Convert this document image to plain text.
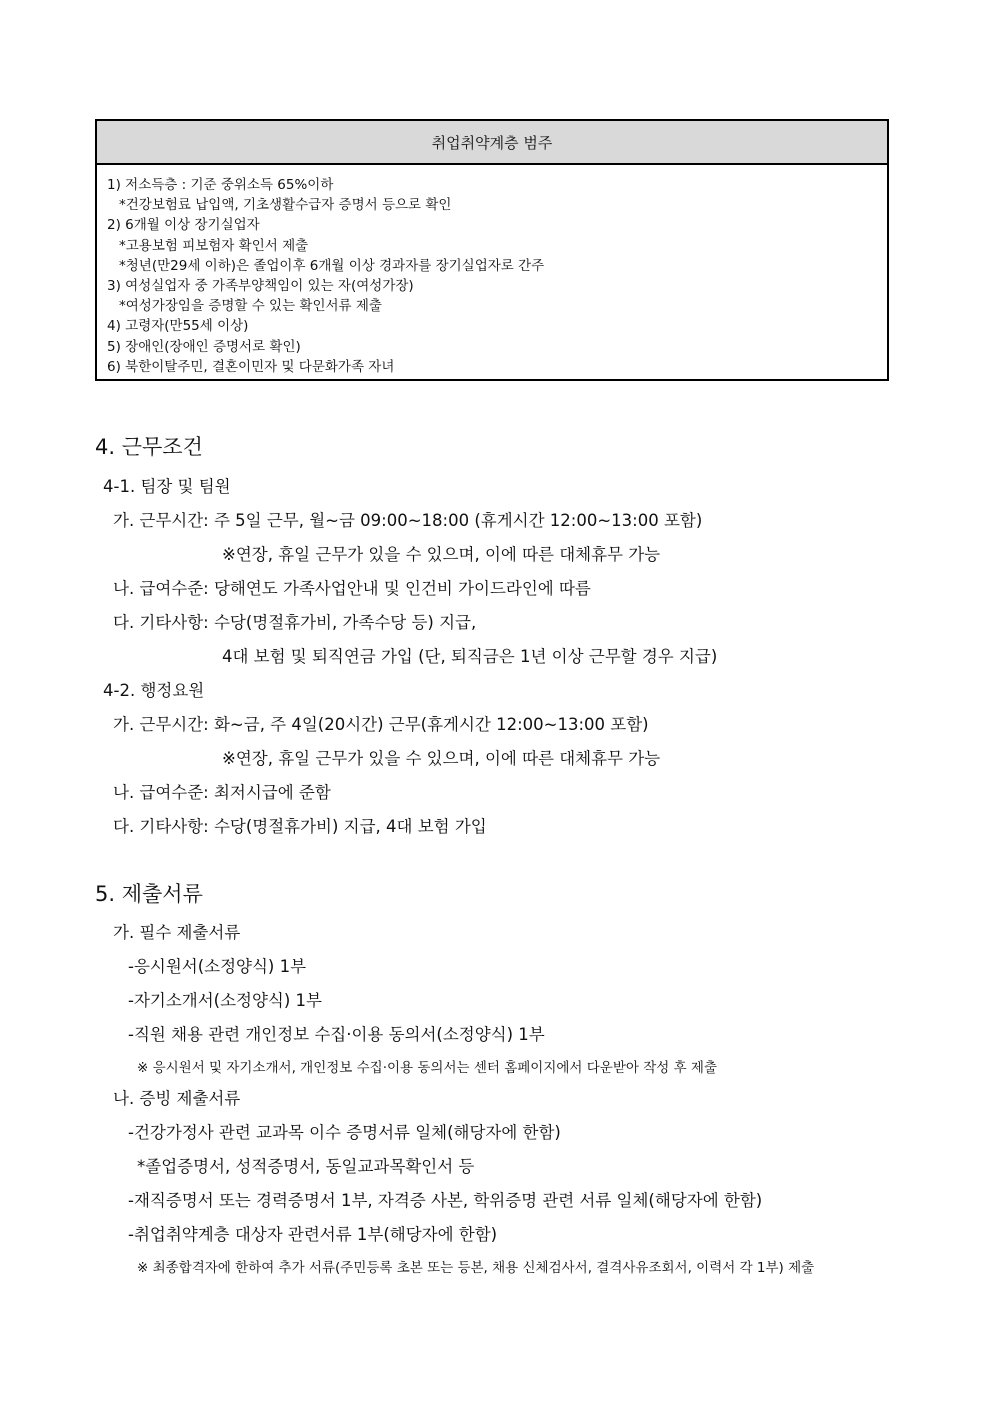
취업취약계층 범주
1) 저소득층 : 기준 중위소득 65%이하
*건강보험료 납입액, 기초생활수급자 증명서 등으로 확인
2) 6개월 이상 장기실업자
*고용보험 피보험자 확인서 제출
*청년(만29세 이하)은 졸업이후 6개월 이상 경과자를 장기실업자로 간주
3) 여성실업자 중 가족부양책임이 있는 자(여성가장)
*여성가장임을 증명할 수 있는 확인서류 제출
4) 고령자(만55세 이상)
5) 장애인(장애인 증명서로 확인)
6) 북한이탈주민, 결혼이민자 및 다문화가족 자녀
4. 근무조건
4-1. 팀장 및 팀원
가. 근무시간: 주 5일 근무, 월~금 09:00~18:00 (휴게시간 12:00~13:00 포함)
※연장, 휴일 근무가 있을 수 있으며, 이에 따른 대체휴무 가능
나. 급여수준: 당해연도 가족사업안내 및 인건비 가이드라인에 따름
다. 기타사항: 수당(명절휴가비, 가족수당 등) 지급,
4대 보험 및 퇴직연금 가입 (단, 퇴직금은 1년 이상 근무할 경우 지급)
4-2. 행정요원
가. 근무시간: 화~금, 주 4일(20시간) 근무(휴게시간 12:00~13:00 포함)
※연장, 휴일 근무가 있을 수 있으며, 이에 따른 대체휴무 가능
나. 급여수준: 최저시급에 준함
다. 기타사항: 수당(명절휴가비) 지급, 4대 보험 가입
5. 제출서류
가. 필수 제출서류
-응시원서(소정양식) 1부
-자기소개서(소정양식) 1부
-직원 채용 관련 개인정보 수집·이용 동의서(소정양식) 1부
※ 응시원서 및 자기소개서, 개인정보 수집·이용 동의서는 센터 홈페이지에서 다운받아 작성 후 제출
나. 증빙 제출서류
-건강가정사 관련 교과목 이수 증명서류 일체(해당자에 한함)
*졸업증명서, 성적증명서, 동일교과목확인서 등
-재직증명서 또는 경력증명서 1부, 자격증 사본, 학위증명 관련 서류 일체(해당자에 한함)
-취업취약계층 대상자 관련서류 1부(해당자에 한함)
※ 최종합격자에 한하여 추가 서류(주민등록 초본 또는 등본, 채용 신체검사서, 결격사유조회서, 이력서 각 1부) 제출
